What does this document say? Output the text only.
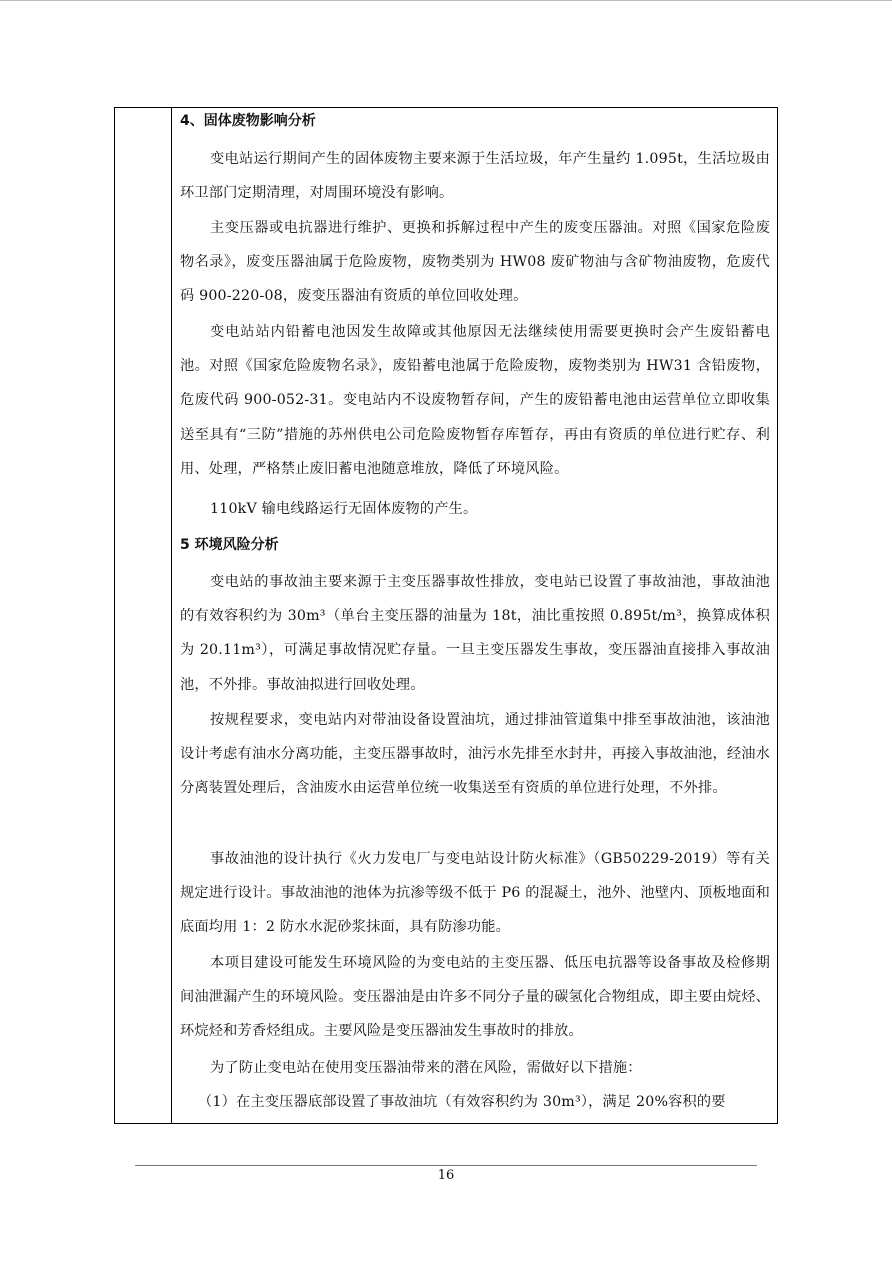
4、固体废物影响分析

变电站运行期间产生的固体废物主要来源于生活垃圾，年产生量约 1.095t，生活垃圾由环卫部门定期清理，对周围环境没有影响。

主变压器或电抗器进行维护、更换和拆解过程中产生的废变压器油。对照《国家危险废物名录》，废变压器油属于危险废物，废物类别为 HW08 废矿物油与含矿物油废物，危废代码 900-220-08，废变压器油有资质的单位回收处理。

变电站站内铅蓄电池因发生故障或其他原因无法继续使用需要更换时会产生废铅蓄电池。对照《国家危险废物名录》，废铅蓄电池属于危险废物，废物类别为 HW31 含铅废物，危废代码 900-052-31。变电站内不设废物暂存间，产生的废铅蓄电池由运营单位立即收集送至具有“三防”措施的苏州供电公司危险废物暂存库暂存，再由有资质的单位进行贮存、利用、处理，严格禁止废旧蓄电池随意堆放，降低了环境风险。

110kV 输电线路运行无固体废物的产生。

5 环境风险分析

变电站的事故油主要来源于主变压器事故性排放，变电站已设置了事故油池，事故油池的有效容积约为 30m³（单台主变压器的油量为 18t，油比重按照 0.895t/m³，换算成体积为 20.11m³），可满足事故情况贮存量。一旦主变压器发生事故，变压器油直接排入事故油池，不外排。事故油拟进行回收处理。

按规程要求，变电站内对带油设备设置油坑，通过排油管道集中排至事故油池，该油池设计考虑有油水分离功能，主变压器事故时，油污水先排至水封井，再接入事故油池，经油水分离装置处理后，含油废水由运营单位统一收集送至有资质的单位进行处理，不外排。

事故油池的设计执行《火力发电厂与变电站设计防火标准》（GB50229-2019）等有关规定进行设计。事故油池的池体为抗渗等级不低于 P6 的混凝土，池外、池壁内、顶板地面和底面均用 1：2 防水水泥砂浆抹面，具有防渗功能。

本项目建设可能发生环境风险的为变电站的主变压器、低压电抗器等设备事故及检修期间油泄漏产生的环境风险。变压器油是由许多不同分子量的碳氢化合物组成，即主要由烷烃、环烷烃和芳香烃组成。主要风险是变压器油发生事故时的排放。

为了防止变电站在使用变压器油带来的潜在风险，需做好以下措施：

（1）在主变压器底部设置了事故油坑（有效容积约为 30m³），满足 20%容积的要

16
